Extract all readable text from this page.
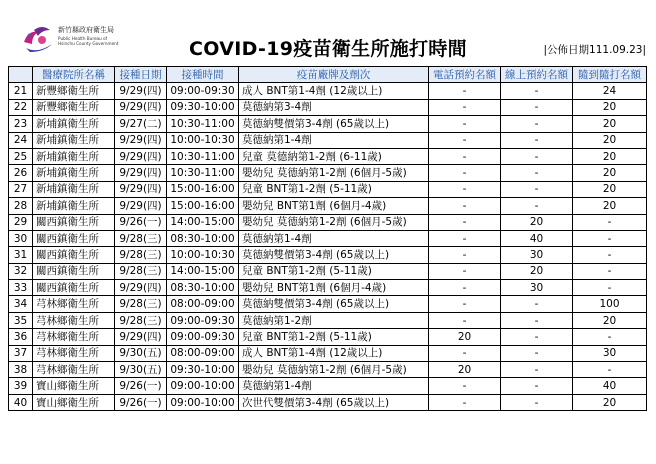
新竹縣政府衛生局
Public Health Bureau of
Hsinchu County Government	COVID-19疫苗衛生所施打時間	|公佈日期111.09.23|
	醫療院所名稱	接種日期	接種時間	疫苗廠牌及劑次	電話預約名額	線上預約名額	隨到隨打名額
21	新豐鄉衛生所	9/29(四)	09:00-09:30	成人 BNT第1-4劑 (12歲以上)	-	-	24
22	新豐鄉衛生所	9/29(四)	09:30-10:00	莫德納第3-4劑	-	-	20
23	新埔鎮衛生所	9/27(二)	10:30-11:00	莫德納雙價第3-4劑 (65歲以上)	-	-	20
24	新埔鎮衛生所	9/29(四)	10:00-10:30	莫德納第1-4劑	-	-	20
25	新埔鎮衛生所	9/29(四)	10:30-11:00	兒童 莫德納第1-2劑 (6-11歲)	-	-	20
26	新埔鎮衛生所	9/29(四)	10:30-11:00	嬰幼兒 莫德納第1-2劑 (6個月-5歲)	-	-	20
27	新埔鎮衛生所	9/29(四)	15:00-16:00	兒童 BNT第1-2劑 (5-11歲)	-	-	20
28	新埔鎮衛生所	9/29(四)	15:00-16:00	嬰幼兒 BNT第1劑 (6個月-4歲)	-	-	20
29	關西鎮衛生所	9/26(一)	14:00-15:00	嬰幼兒 莫德納第1-2劑 (6個月-5歲)	-	20	-
30	關西鎮衛生所	9/28(三)	08:30-10:00	莫德納第1-4劑	-	40	-
31	關西鎮衛生所	9/28(三)	10:00-10:30	莫德納雙價第3-4劑 (65歲以上)	-	30	-
32	關西鎮衛生所	9/28(三)	14:00-15:00	兒童 BNT第1-2劑 (5-11歲)	-	20	-
33	關西鎮衛生所	9/29(四)	08:30-10:00	嬰幼兒 BNT第1劑 (6個月-4歲)	-	30	-
34	芎林鄉衛生所	9/28(三)	08:00-09:00	莫德納雙價第3-4劑 (65歲以上)	-	-	100
35	芎林鄉衛生所	9/28(三)	09:00-09:30	莫德納第1-2劑	-	-	20
36	芎林鄉衛生所	9/29(四)	09:00-09:30	兒童 BNT第1-2劑 (5-11歲)	20	-	-
37	芎林鄉衛生所	9/30(五)	08:00-09:00	成人 BNT第1-4劑 (12歲以上)	-	-	30
38	芎林鄉衛生所	9/30(五)	09:30-10:00	嬰幼兒 莫德納第1-2劑 (6個月-5歲)	20	-	-
39	寶山鄉衛生所	9/26(一)	09:00-10:00	莫德納第1-4劑	-	-	40
40	寶山鄉衛生所	9/26(一)	09:00-10:00	次世代雙價第3-4劑 (65歲以上)	-	-	20
